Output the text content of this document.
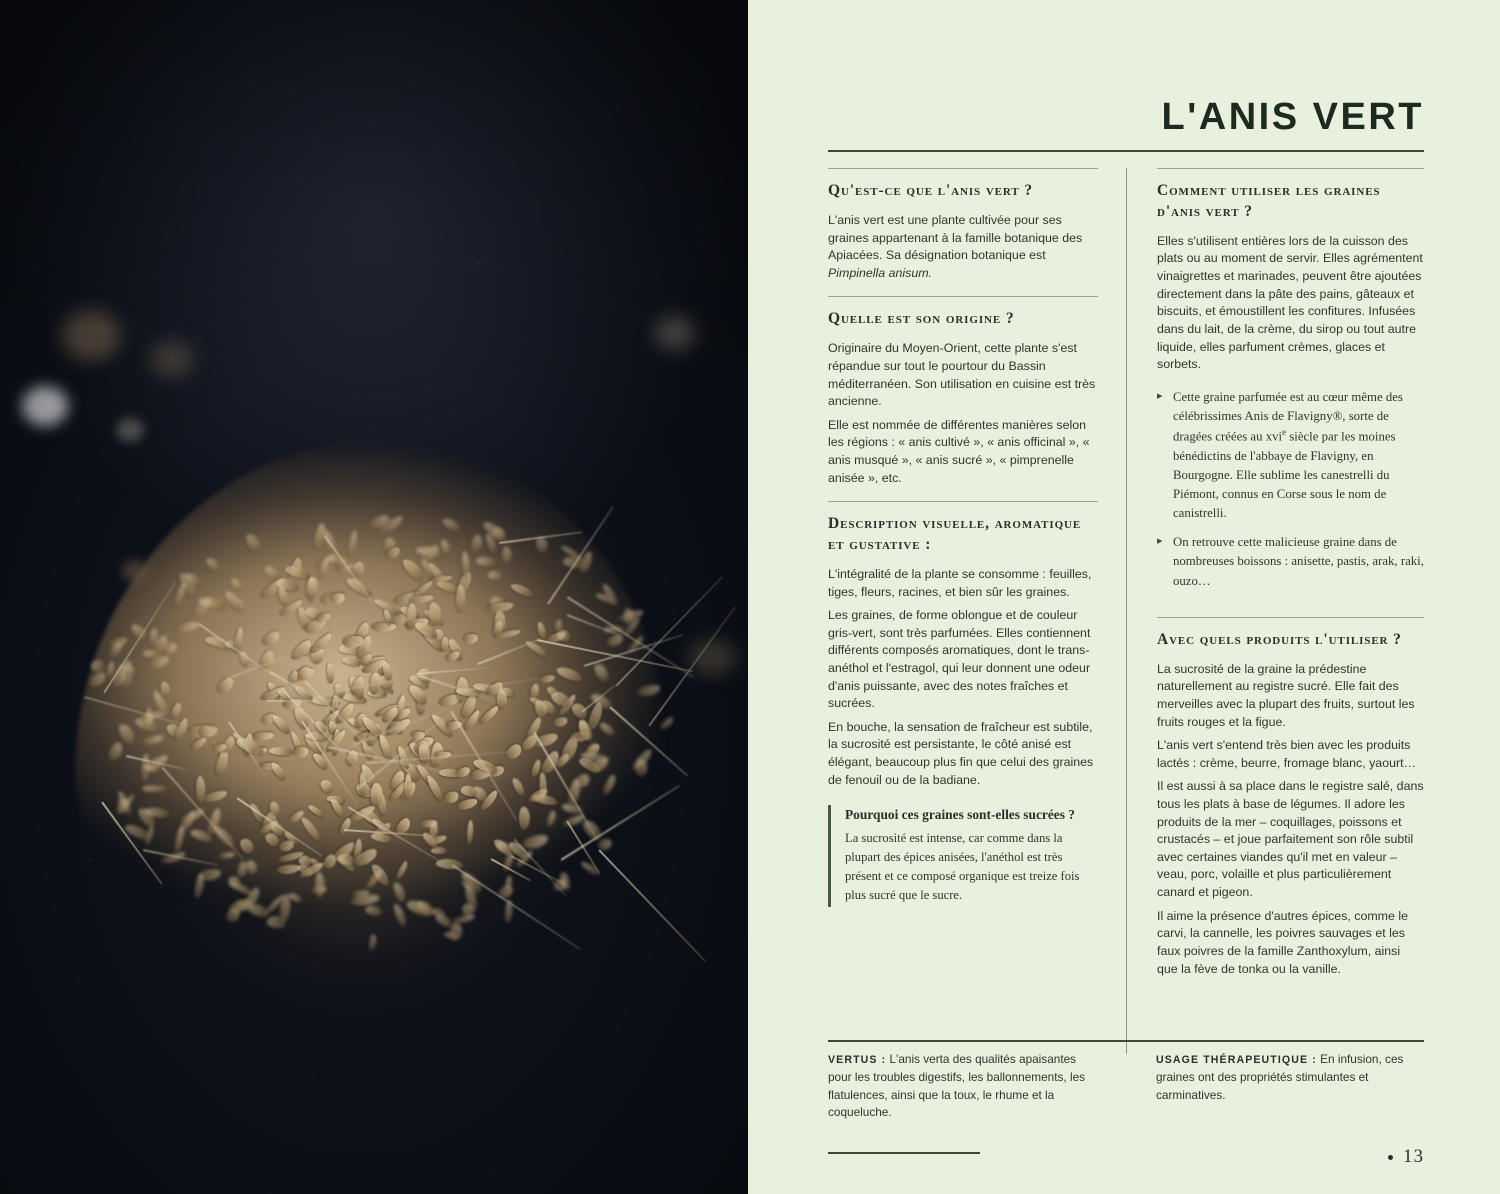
L'ANIS VERT
Qu'est-ce que l'anis vert ?

L'anis vert est une plante cultivée pour ses graines appartenant à la famille botanique des Apiacées. Sa désignation botanique est Pimpinella anisum.

Quelle est son origine ?

Originaire du Moyen-Orient, cette plante s'est répandue sur tout le pourtour du Bassin méditerranéen. Son utilisation en cuisine est très ancienne.

Elle est nommée de différentes manières selon les régions : « anis cultivé », « anis officinal », « anis musqué », « anis sucré », « pimprenelle anisée », etc.

Description visuelle, aromatique et gustative :

L'intégralité de la plante se consomme : feuilles, tiges, fleurs, racines, et bien sûr les graines.

Les graines, de forme oblongue et de couleur gris-vert, sont très parfumées. Elles contiennent différents composés aromatiques, dont le trans-anéthol et l'estragol, qui leur donnent une odeur d'anis puissante, avec des notes fraîches et sucrées.

En bouche, la sensation de fraîcheur est subtile, la sucrosité est persistante, le côté anisé est élégant, beaucoup plus fin que celui des graines de fenouil ou de la badiane.

Pourquoi ces graines sont-elles sucrées ?

La sucrosité est intense, car comme dans la plupart des épices anisées, l'anéthol est très présent et ce composé organique est treize fois plus sucré que le sucre.

Comment utiliser les graines d'anis vert ?

Elles s'utilisent entières lors de la cuisson des plats ou au moment de servir. Elles agrémentent vinaigrettes et marinades, peuvent être ajoutées directement dans la pâte des pains, gâteaux et biscuits, et émoustillent les confitures. Infusées dans du lait, de la crème, du sirop ou tout autre liquide, elles parfument crèmes, glaces et sorbets.

▸ Cette graine parfumée est au cœur même des célébrissimes Anis de Flavigny®, sorte de dragées créées au xvi$^e$ siècle par les moines bénédictins de l'abbaye de Flavigny, en Bourgogne. Elle sublime les canestrelli du Piémont, connus en Corse sous le nom de canistrelli.
▸ On retrouve cette malicieuse graine dans de nombreuses boissons : anisette, pastis, arak, raki, ouzo…
Avec quels produits l'utiliser ?

La sucrosité de la graine la prédestine naturellement au registre sucré. Elle fait des merveilles avec la plupart des fruits, surtout les fruits rouges et la figue.

L'anis vert s'entend très bien avec les produits lactés : crème, beurre, fromage blanc, yaourt…

Il est aussi à sa place dans le registre salé, dans tous les plats à base de légumes. Il adore les produits de la mer – coquillages, poissons et crustacés – et joue parfaitement son rôle subtil avec certaines viandes qu'il met en valeur – veau, porc, volaille et plus particulièrement canard et pigeon.

Il aime la présence d'autres épices, comme le carvi, la cannelle, les poivres sauvages et les faux poivres de la famille Zanthoxylum, ainsi que la fève de tonka ou la vanille.

VERTUS : L'anis verta des qualités apaisantes pour les troubles digestifs, les ballonnements, les flatulences, ainsi que la toux, le rhume et la coqueluche.

USAGE THÉRAPEUTIQUE : En infusion, ces graines ont des propriétés stimulantes et carminatives.

13
